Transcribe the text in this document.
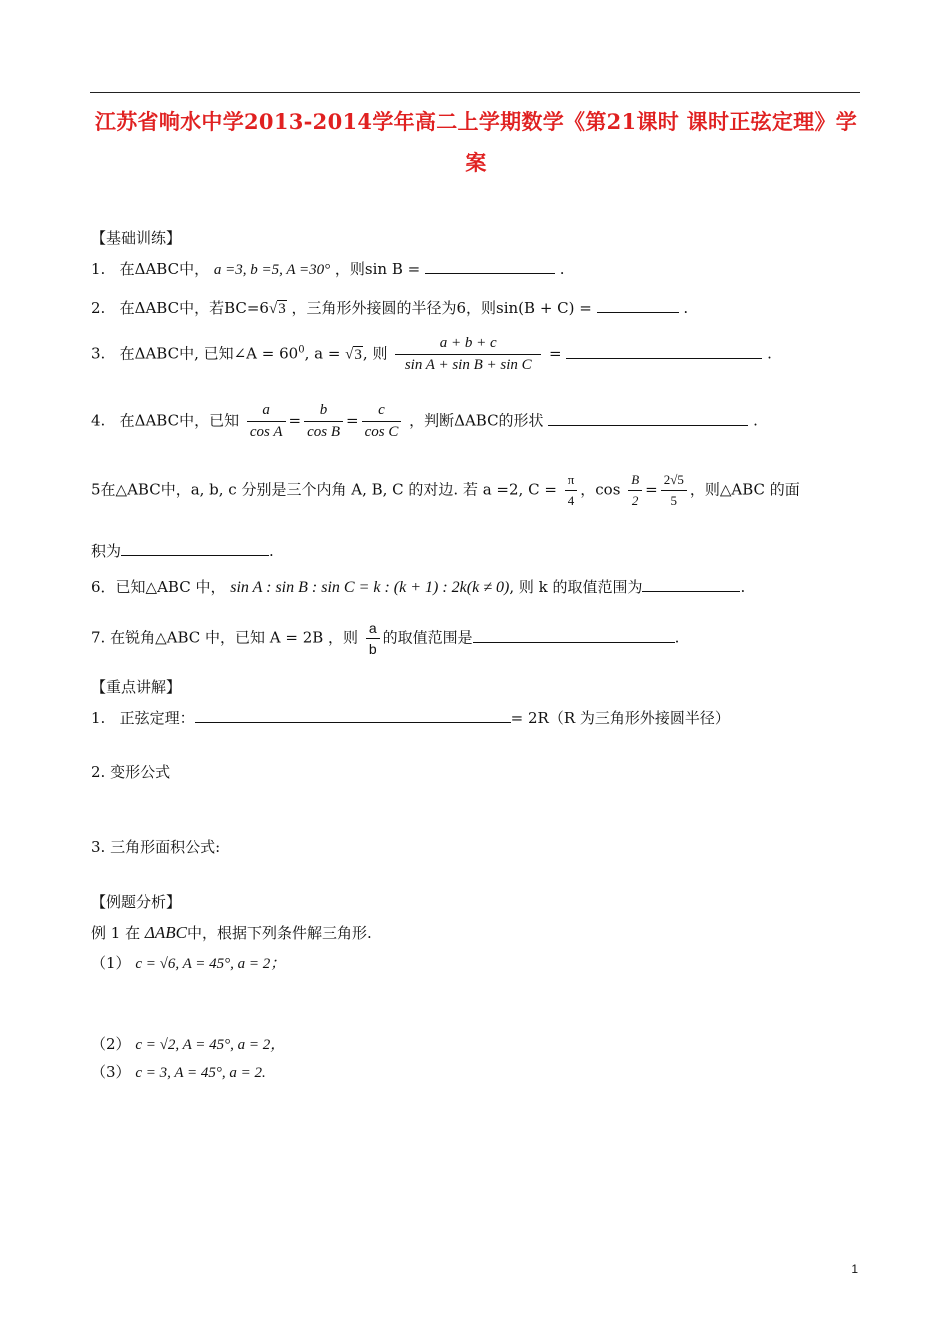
江苏省响水中学2013-2014学年高二上学期数学《第21课时 课时正弦定理》学
案
【基础训练】
1. 在ΔABC中， a =3, b =5, A =30° ，则sin B =	.
2. 在ΔABC中，若BC=6√3 ，三角形外接圆的半径为6，则sin(B + C) =	.
3. 在ΔABC中, 已知∠A = $60^0$, a = √3, 则 $\frac{a + b + c}{\text{sin A + sin B + sin C}}$ =	.
4. 在ΔABC中，已知 $\frac{a}{\text{cos A}} = \frac{b}{\text{cos B}} = \frac{c}{\text{cos C}}$ ，判断ΔABC的形状	.
5在△ABC中，a, b, c 分别是三个内角 A, B, C 的对边. 若 a =2, $C = \frac{\pi}{4}$ ，$\cos \frac{B}{2} = \frac{2√5}{5}$ ，则△ABC 的面
积为	.
6．已知△ABC 中， sin A : sin B : sin C = k : (k + 1) : 2k(k ≠ 0), 则 k 的取值范围为	.
7. 在锐角△ABC 中，已知 A = 2B ，则 $\frac{a}{b}$ 的取值范围是	.
【重点讲解】
1. 正弦定理：	= 2R（R 为三角形外接圆半径）
2. 变形公式
3. 三角形面积公式:
【例题分析】
例 1 在 ΔABC中，根据下列条件解三角形.
（1） c = √6, A = 45°, a = 2；
（2） c = √2, A = 45°, a = 2，
（3） c = 3, A = 45°, a = 2.
1
